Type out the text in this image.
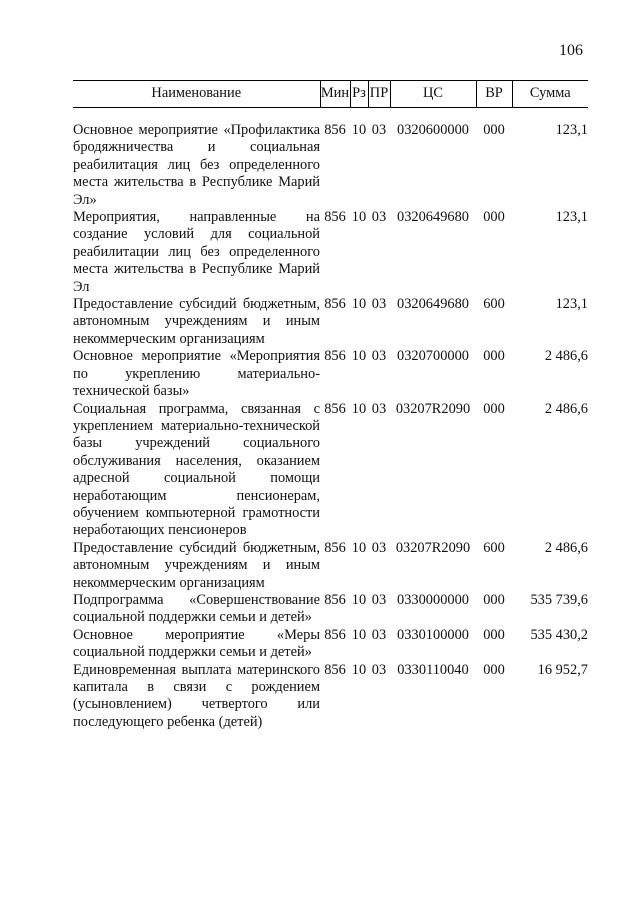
106
Наименование	Мин	Рз	ПР	ЦС	ВР	Сумма

Основное мероприятие «Профилактика бродяжничества и социальная реабилитация лиц без определенного места жительства в Республике Марий Эл»	856	10	03	0320600000	000	123,1
Мероприятия, направленные на создание условий для социальной реабилитации лиц без определенного места жительства в Республике Марий Эл	856	10	03	0320649680	000	123,1
Предоставление субсидий бюджетным, автономным учреждениям и иным некоммерческим организациям	856	10	03	0320649680	600	123,1
Основное мероприятие «Мероприятия по укреплению материально-технической базы»	856	10	03	0320700000	000	2 486,6
Социальная программа, связанная с укреплением материально-технической базы учреждений социального обслуживания населения, оказанием адресной социальной помощи неработающим пенсионерам, обучением компьютерной грамотности неработающих пенсионеров	856	10	03	03207R2090	000	2 486,6
Предоставление субсидий бюджетным, автономным учреждениям и иным некоммерческим организациям	856	10	03	03207R2090	600	2 486,6
Подпрограмма «Совершенствование социальной поддержки семьи и детей»	856	10	03	0330000000	000	535 739,6
Основное мероприятие «Меры социальной поддержки семьи и детей»	856	10	03	0330100000	000	535 430,2
Единовременная выплата материнского капитала в связи с рождением (усыновлением) четвертого или последующего ребенка (детей)	856	10	03	0330110040	000	16 952,7
